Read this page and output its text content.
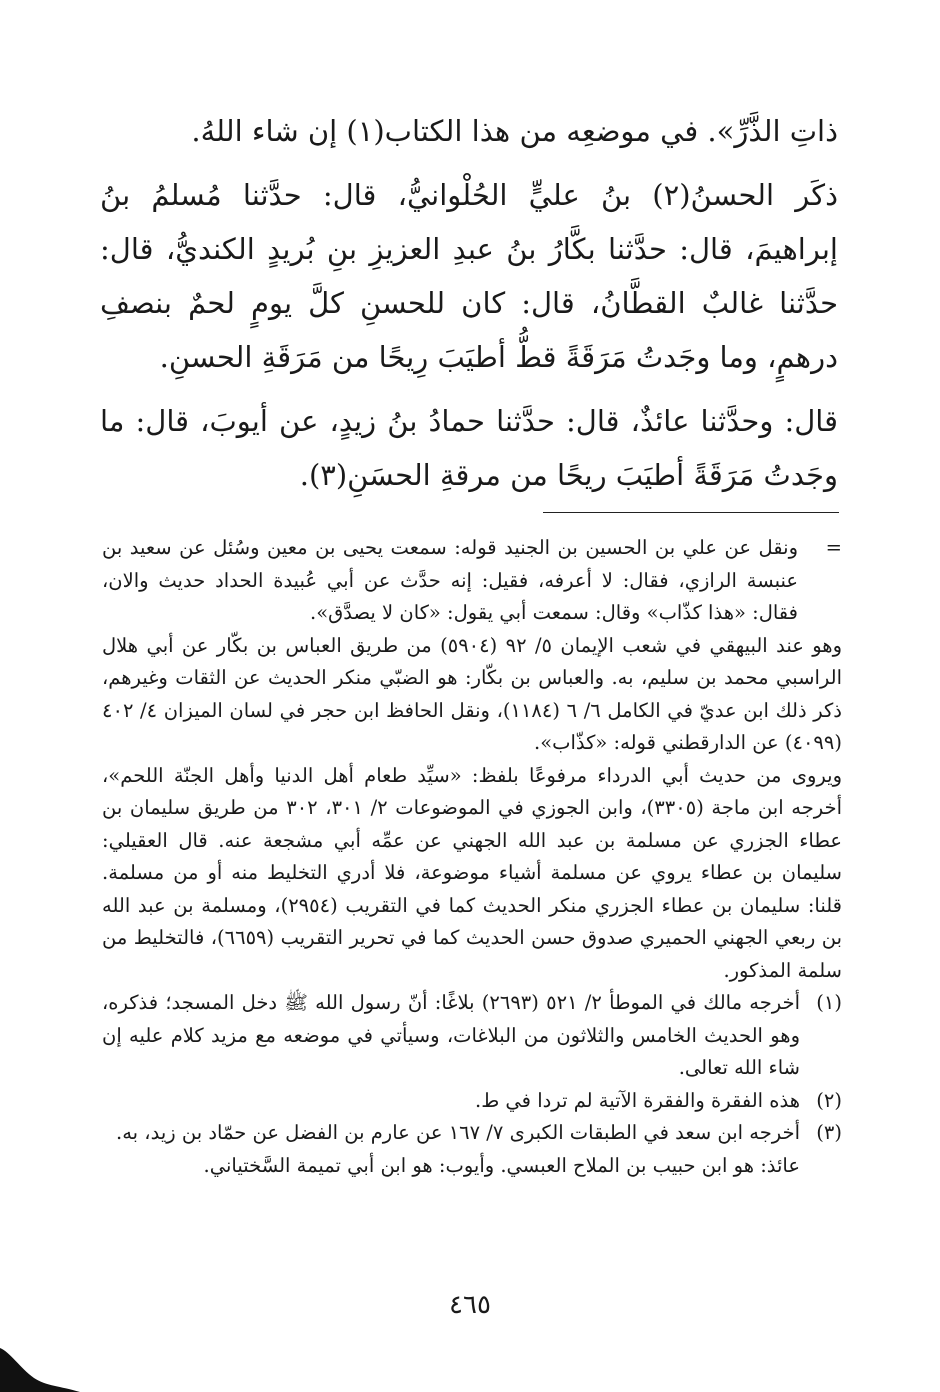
ذاتِ الذَّرِّ». في موضعِه من هذا الكتاب(١) إن شاء اللهُ.

ذكَر الحسنُ(٢) بنُ عليٍّ الحُلْوانيُّ، قال: حدَّثنا مُسلمُ بنُ إبراهيمَ، قال: حدَّثنا بكَّارُ بنُ عبدِ العزيزِ بنِ بُريدٍ الكنديُّ، قال: حدَّثنا غالبٌ القطَّانُ، قال: كان للحسنِ كلَّ يومٍ لحمٌ بنصفِ درهمٍ، وما وجَدتُ مَرَقَةً قطُّ أطيَبَ رِيحًا من مَرَقَةِ الحسنِ.

قال: وحدَّثنا عائذٌ، قال: حدَّثنا حمادُ بنُ زيدٍ، عن أيوبَ، قال: ما وجَدتُ مَرَقَةً أطيَبَ ريحًا من مرقةِ الحسَنِ(٣).

=
ونقل عن علي بن الحسين بن الجنيد قوله: سمعت يحيى بن معين وسُئل عن سعيد بن عنبسة الرازي، فقال: لا أعرفه، فقيل: إنه حدَّث عن أبي عُبيدة الحداد حديث والان، فقال: «هذا كذّاب» وقال: سمعت أبي يقول: «كان لا يصدَّق».

وهو عند البيهقي في شعب الإيمان ٥/ ٩٢ (٥٩٠٤) من طريق العباس بن بكّار عن أبي هلال الراسبي محمد بن سليم، به. والعباس بن بكّار: هو الضبّي منكر الحديث عن الثقات وغيرهم، ذكر ذلك ابن عديّ في الكامل ٦/ ٦ (١١٨٤)، ونقل الحافظ ابن حجر في لسان الميزان ٤/ ٤٠٢ (٤٠٩٩) عن الدارقطني قوله: «كذّاب».

ويروى من حديث أبي الدرداء مرفوعًا بلفظ: «سيِّد طعام أهل الدنيا وأهل الجنّة اللحم»، أخرجه ابن ماجة (٣٣٠٥)، وابن الجوزي في الموضوعات ٢/ ٣٠١، ٣٠٢ من طريق سليمان بن عطاء الجزري عن مسلمة بن عبد الله الجهني عن عمِّه أبي مشجعة عنه. قال العقيلي: سليمان بن عطاء يروي عن مسلمة أشياء موضوعة، فلا أدري التخليط منه أو من مسلمة. قلنا: سليمان بن عطاء الجزري منكر الحديث كما في التقريب (٢٩٥٤)، ومسلمة بن عبد الله بن ربعي الجهني الحميري صدوق حسن الحديث كما في تحرير التقريب (٦٦٥٩)، فالتخليط من سلمة المذكور.

(١)
أخرجه مالك في الموطأ ٢/ ٥٢١ (٢٦٩٣) بلاغًا: أنّ رسول الله ﷺ دخل المسجد؛ فذكره، وهو الحديث الخامس والثلاثون من البلاغات، وسيأتي في موضعه مع مزيد كلام عليه إن شاء الله تعالى.

(٢)
هذه الفقرة والفقرة الآتية لم تردا في ط.

(٣)
أخرجه ابن سعد في الطبقات الكبرى ٧/ ١٦٧ عن عارم بن الفضل عن حمّاد بن زيد، به.

عائذ: هو ابن حبيب بن الملاح العبسي. وأيوب: هو ابن أبي تميمة السَّختياني.

٤٦٥
